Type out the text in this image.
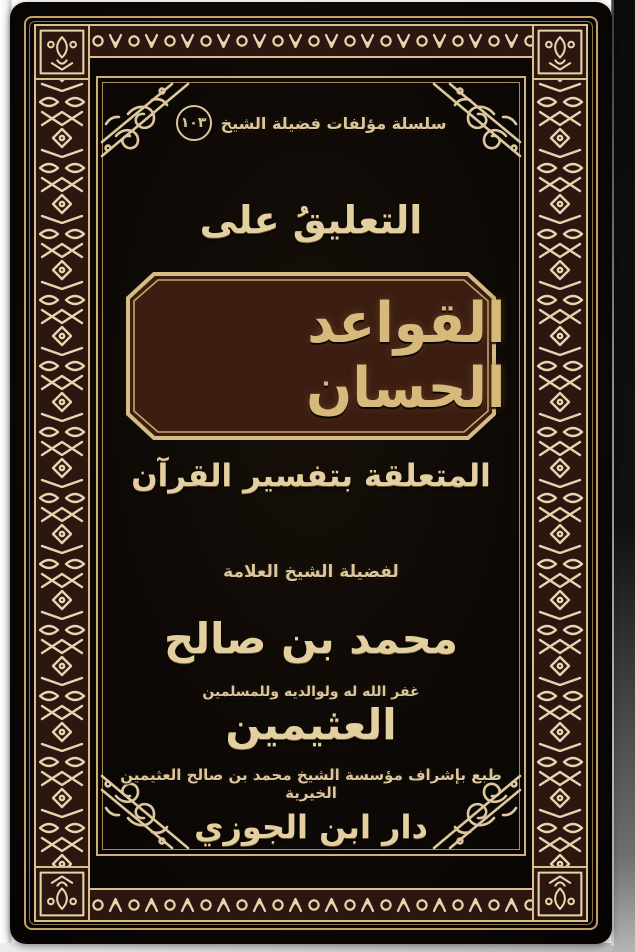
سلسلة مؤلفات فضيلة الشيخ
١٠٣
التعليقُ على
القواعد الحسان
المتعلقة بتفسير القرآن
لفضيلة الشيخ العلامة
محمد بن صالح العثيمين
غفر الله له ولوالديه وللمسلمين
طبع بإشراف مؤسسة الشيخ محمد بن صالح العثيمين الخيرية
دار ابن الجوزي
